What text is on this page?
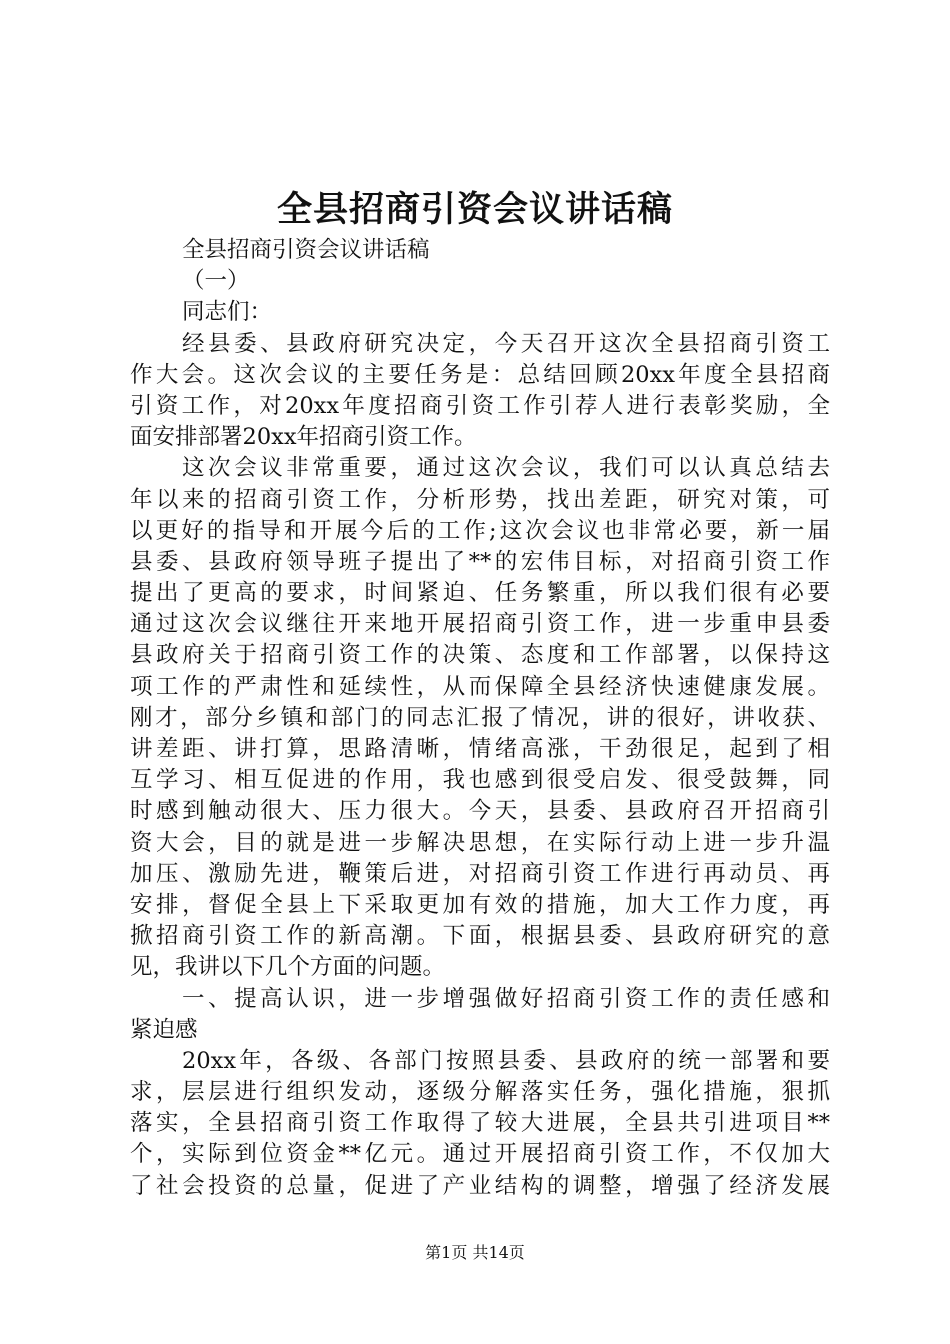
全县招商引资会议讲话稿
全县招商引资会议讲话稿
（一）
同志们：
经县委、县政府研究决定，今天召开这次全县招商引资工
作大会。这次会议的主要任务是：总结回顾20xx年度全县招商
引资工作，对20xx年度招商引资工作引荐人进行表彰奖励，全
面安排部署20xx年招商引资工作。
这次会议非常重要，通过这次会议，我们可以认真总结去
年以来的招商引资工作，分析形势，找出差距，研究对策，可
以更好的指导和开展今后的工作;这次会议也非常必要，新一届
县委、县政府领导班子提出了**的宏伟目标，对招商引资工作
提出了更高的要求，时间紧迫、任务繁重，所以我们很有必要
通过这次会议继往开来地开展招商引资工作，进一步重申县委
县政府关于招商引资工作的决策、态度和工作部署，以保持这
项工作的严肃性和延续性，从而保障全县经济快速健康发展。
刚才，部分乡镇和部门的同志汇报了情况，讲的很好，讲收获、
讲差距、讲打算，思路清晰，情绪高涨，干劲很足，起到了相
互学习、相互促进的作用，我也感到很受启发、很受鼓舞，同
时感到触动很大、压力很大。今天，县委、县政府召开招商引
资大会，目的就是进一步解决思想，在实际行动上进一步升温
加压、激励先进，鞭策后进，对招商引资工作进行再动员、再
安排，督促全县上下采取更加有效的措施，加大工作力度，再
掀招商引资工作的新高潮。下面，根据县委、县政府研究的意
见，我讲以下几个方面的问题。
一、提高认识，进一步增强做好招商引资工作的责任感和
紧迫感
20xx年，各级、各部门按照县委、县政府的统一部署和要
求，层层进行组织发动，逐级分解落实任务，强化措施，狠抓
落实，全县招商引资工作取得了较大进展，全县共引进项目**
个，实际到位资金**亿元。通过开展招商引资工作，不仅加大
了社会投资的总量，促进了产业结构的调整，增强了经济发展
第1页 共14页
